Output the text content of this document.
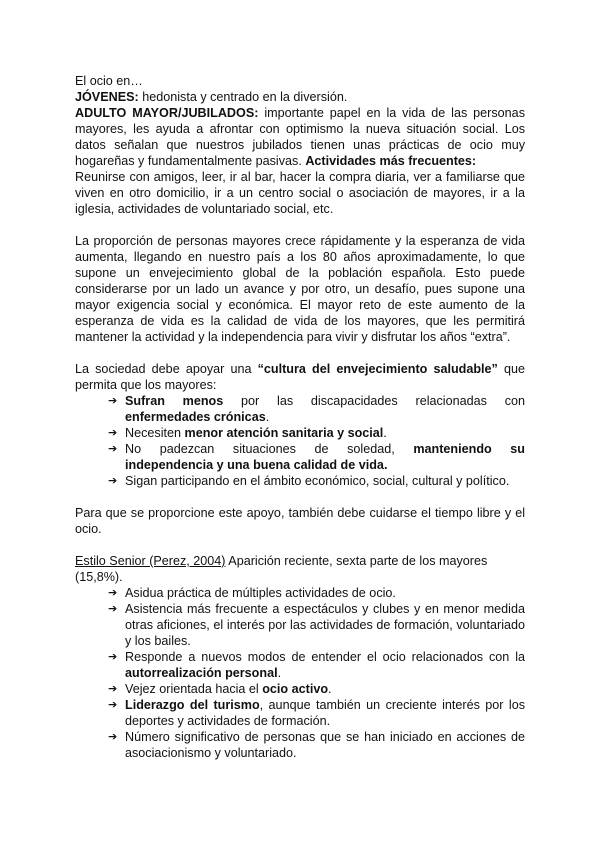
El ocio en…

JÓVENES: hedonista y centrado en la diversión.

ADULTO MAYOR/JUBILADOS: importante papel en la vida de las personas mayores, les ayuda a afrontar con optimismo la nueva situación social. Los datos señalan que nuestros jubilados tienen unas prácticas de ocio muy hogareñas y fundamentalmente pasivas. Actividades más frecuentes:

Reunirse con amigos, leer, ir al bar, hacer la compra diaria, ver a familiarse que viven en otro domicilio, ir a un centro social o asociación de mayores, ir a la iglesia, actividades de voluntariado social, etc.

La proporción de personas mayores crece rápidamente y la esperanza de vida aumenta, llegando en nuestro país a los 80 años aproximadamente, lo que supone un envejecimiento global de la población española. Esto puede considerarse por un lado un avance y por otro, un desafío, pues supone una mayor exigencia social y económica. El mayor reto de este aumento de la esperanza de vida es la calidad de vida de los mayores, que les permitirá mantener la actividad y la independencia para vivir y disfrutar los años “extra”.

La sociedad debe apoyar una “cultura del envejecimiento saludable” que permita que los mayores:

➔ Sufran menos por las discapacidades relacionadas con enfermedades crónicas.
➔ Necesiten menor atención sanitaria y social.
➔ No padezcan situaciones de soledad, manteniendo su independencia y una buena calidad de vida.
➔ Sigan participando en el ámbito económico, social, cultural y político.

Para que se proporcione este apoyo, también debe cuidarse el tiempo libre y el ocio.

Estilo Senior (Perez, 2004) Aparición reciente, sexta parte de los mayores (15,8%).

➔ Asidua práctica de múltiples actividades de ocio.
➔ Asistencia más frecuente a espectáculos y clubes y en menor medida otras aficiones, el interés por las actividades de formación, voluntariado y los bailes.
➔ Responde a nuevos modos de entender el ocio relacionados con la autorrealización personal.
➔ Vejez orientada hacia el ocio activo.
➔ Liderazgo del turismo, aunque también un creciente interés por los deportes y actividades de formación.
➔ Número significativo de personas que se han iniciado en acciones de asociacionismo y voluntariado.
